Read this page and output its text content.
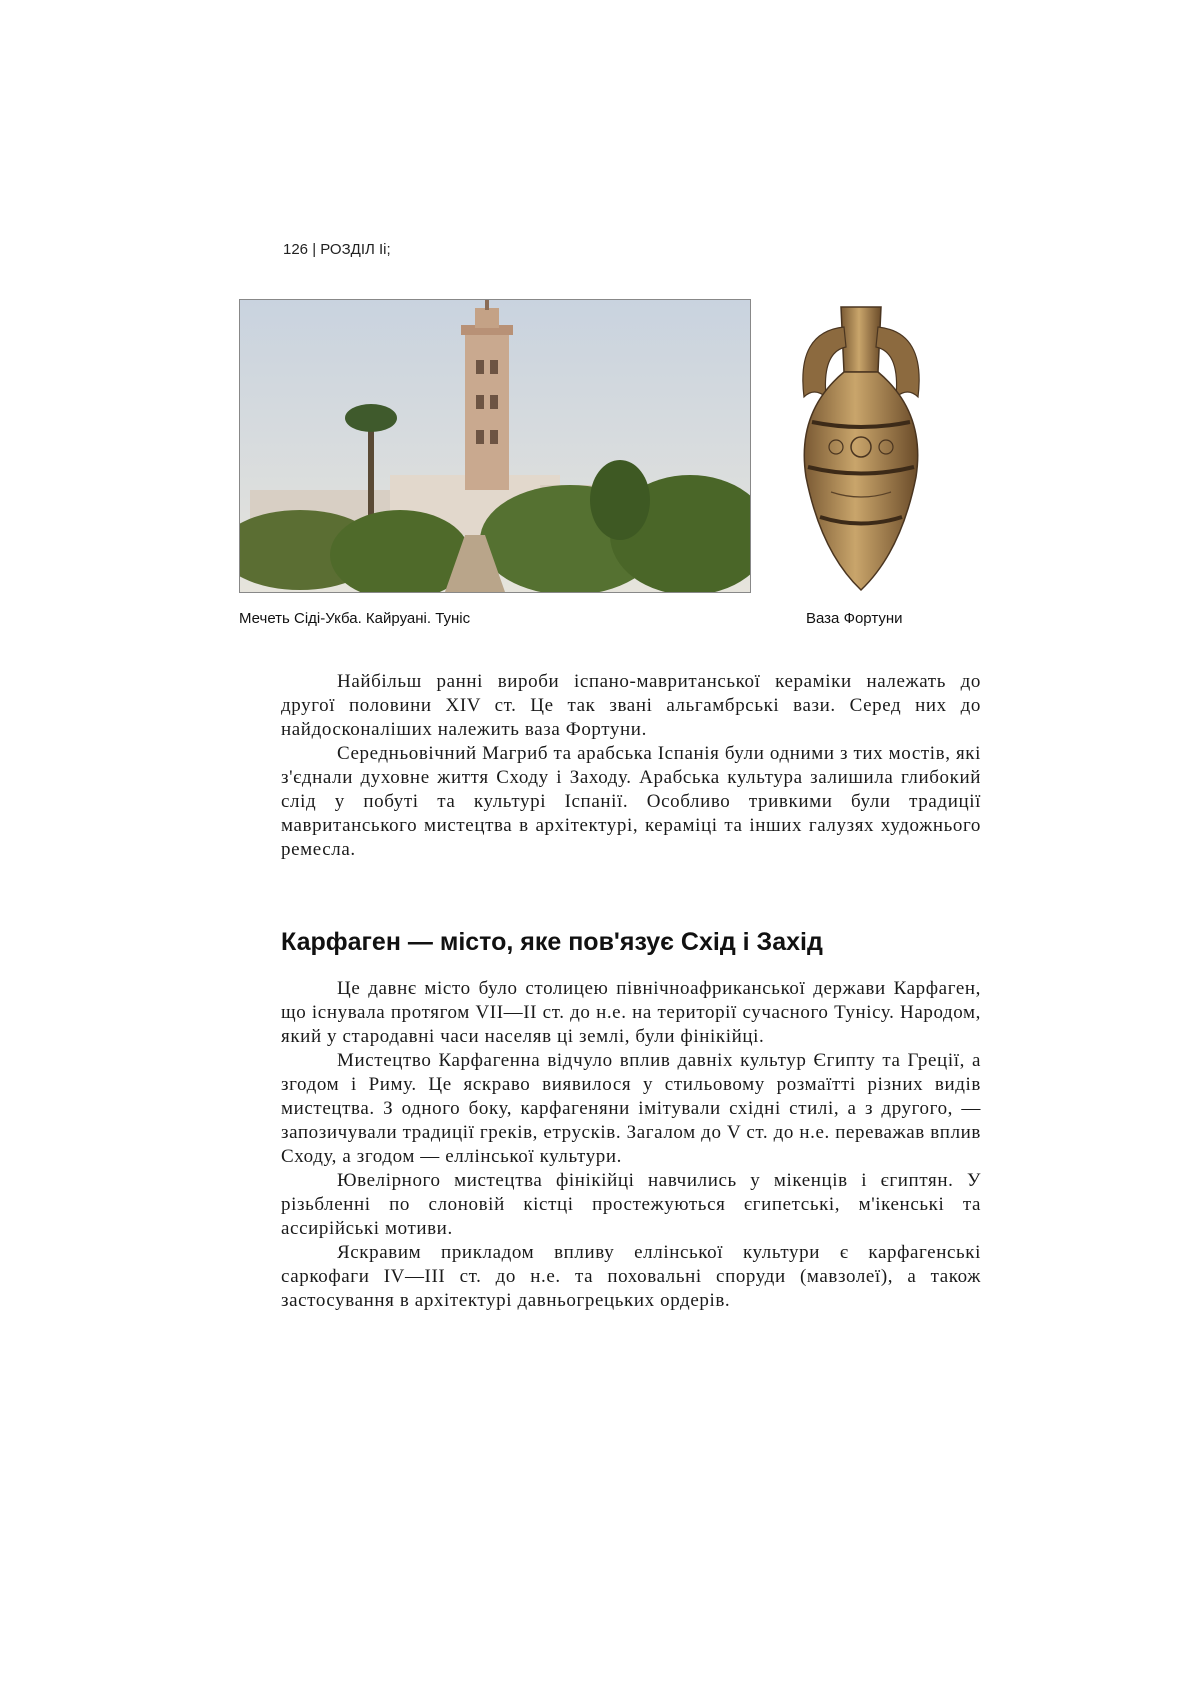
126 | РОЗДІЛ Ii;
Мечеть Сіді-Укба. Кайруані. Туніс	Ваза Фортуни

Найбільш ранні вироби іспано-мавританської кераміки належать до другої половини XIV ст. Це так звані альгамбрські вази. Серед них до найдосконаліших належить ваза Фортуни.

Середньовічний Магриб та арабська Іспанія були одними з тих мостів, які з'єднали духовне життя Сходу і Заходу. Арабська культура залишила глибокий слід у побуті та культурі Іспанії. Особливо тривкими були традиції мавританського мистецтва в архітектурі, кераміці та інших галузях художнього ремесла.

Карфаген — місто, яке пов'язує Схід і Захід

Це давнє місто було столицею північноафриканської держави Карфаген, що існувала протягом VII—II ст. до н.е. на території сучасного Тунісу. Народом, який у стародавні часи населяв ці землі, були фінікійці.

Мистецтво Карфагенна відчуло вплив давніх культур Єгипту та Греції, а згодом і Риму. Це яскраво виявилося у стильовому розмаїтті різних видів мистецтва. З одного боку, карфагеняни імітували східні стилі, а з другого, — запозичували традиції греків, етрусків. Загалом до V ст. до н.е. переважав вплив Сходу, а згодом — еллінської культури.

Ювелірного мистецтва фінікійці навчились у мікенців і єгиптян. У різьбленні по слоновій кістці простежуються єгипетські, м'ікенські та ассирійські мотиви.

Яскравим прикладом впливу еллінської культури є карфагенські саркофаги IV—III ст. до н.е. та поховальні споруди (мавзолеї), а також застосування в архітектурі давньогрецьких ордерів.
